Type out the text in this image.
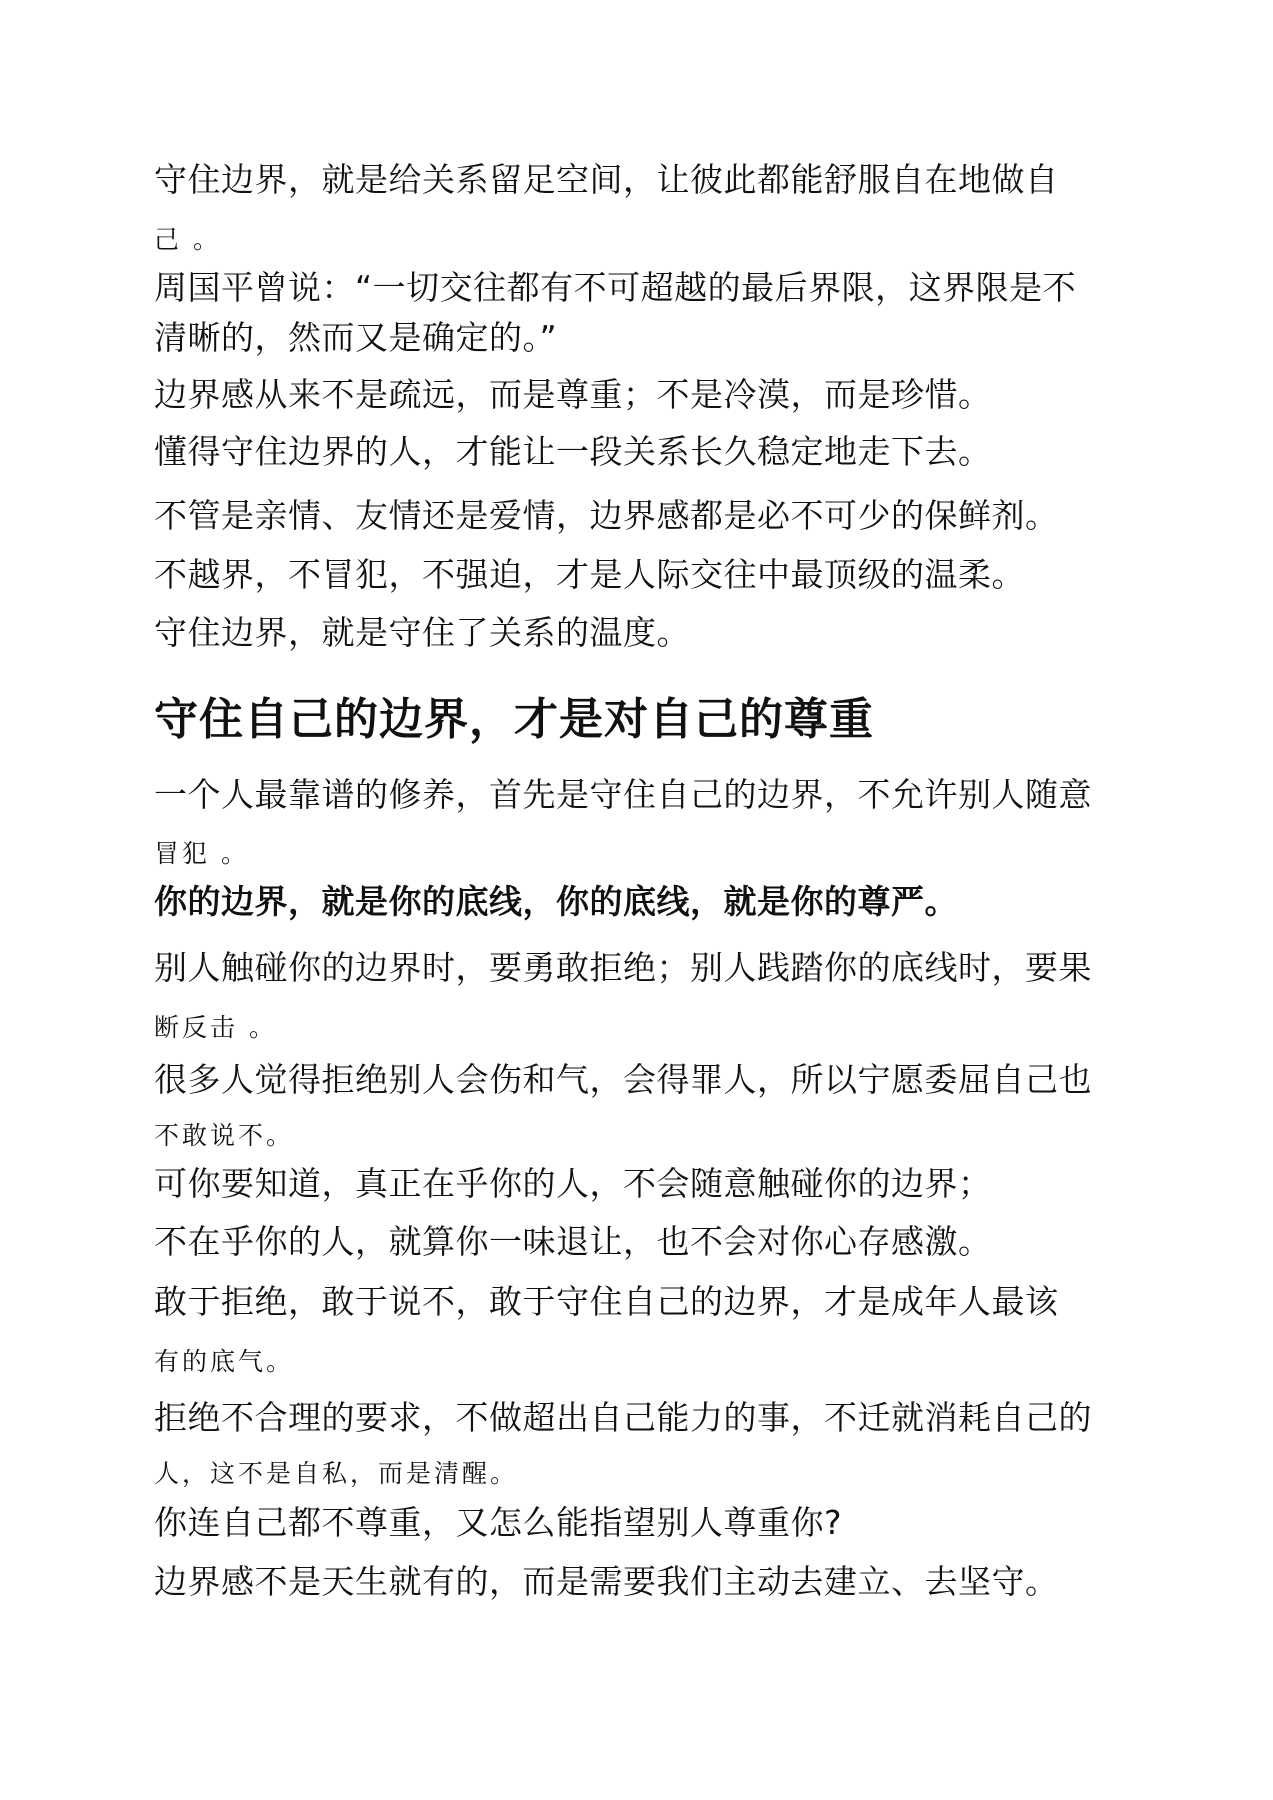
守住边界，就是给关系留足空间，让彼此都能舒服自在地做自

己 。

周国平曾说：“一切交往都有不可超越的最后界限，这界限是不

清晰的，然而又是确定的。”

边界感从来不是疏远，而是尊重；不是冷漠，而是珍惜。

懂得守住边界的人，才能让一段关系长久稳定地走下去。

不管是亲情、友情还是爱情，边界感都是必不可少的保鲜剂。

不越界，不冒犯，不强迫，才是人际交往中最顶级的温柔。

守住边界，就是守住了关系的温度。

守住自己的边界，才是对自己的尊重

一个人最靠谱的修养，首先是守住自己的边界，不允许别人随意

冒犯 。

你的边界，就是你的底线，你的底线，就是你的尊严。

别人触碰你的边界时，要勇敢拒绝；别人践踏你的底线时，要果

断反击 。

很多人觉得拒绝别人会伤和气，会得罪人，所以宁愿委屈自己也

不敢说不。

可你要知道，真正在乎你的人，不会随意触碰你的边界；

不在乎你的人，就算你一味退让，也不会对你心存感激。

敢于拒绝，敢于说不，敢于守住自己的边界，才是成年人最该

有的底气。

拒绝不合理的要求，不做超出自己能力的事，不迁就消耗自己的

人，这不是自私，而是清醒。

你连自己都不尊重，又怎么能指望别人尊重你?

边界感不是天生就有的，而是需要我们主动去建立、去坚守。
